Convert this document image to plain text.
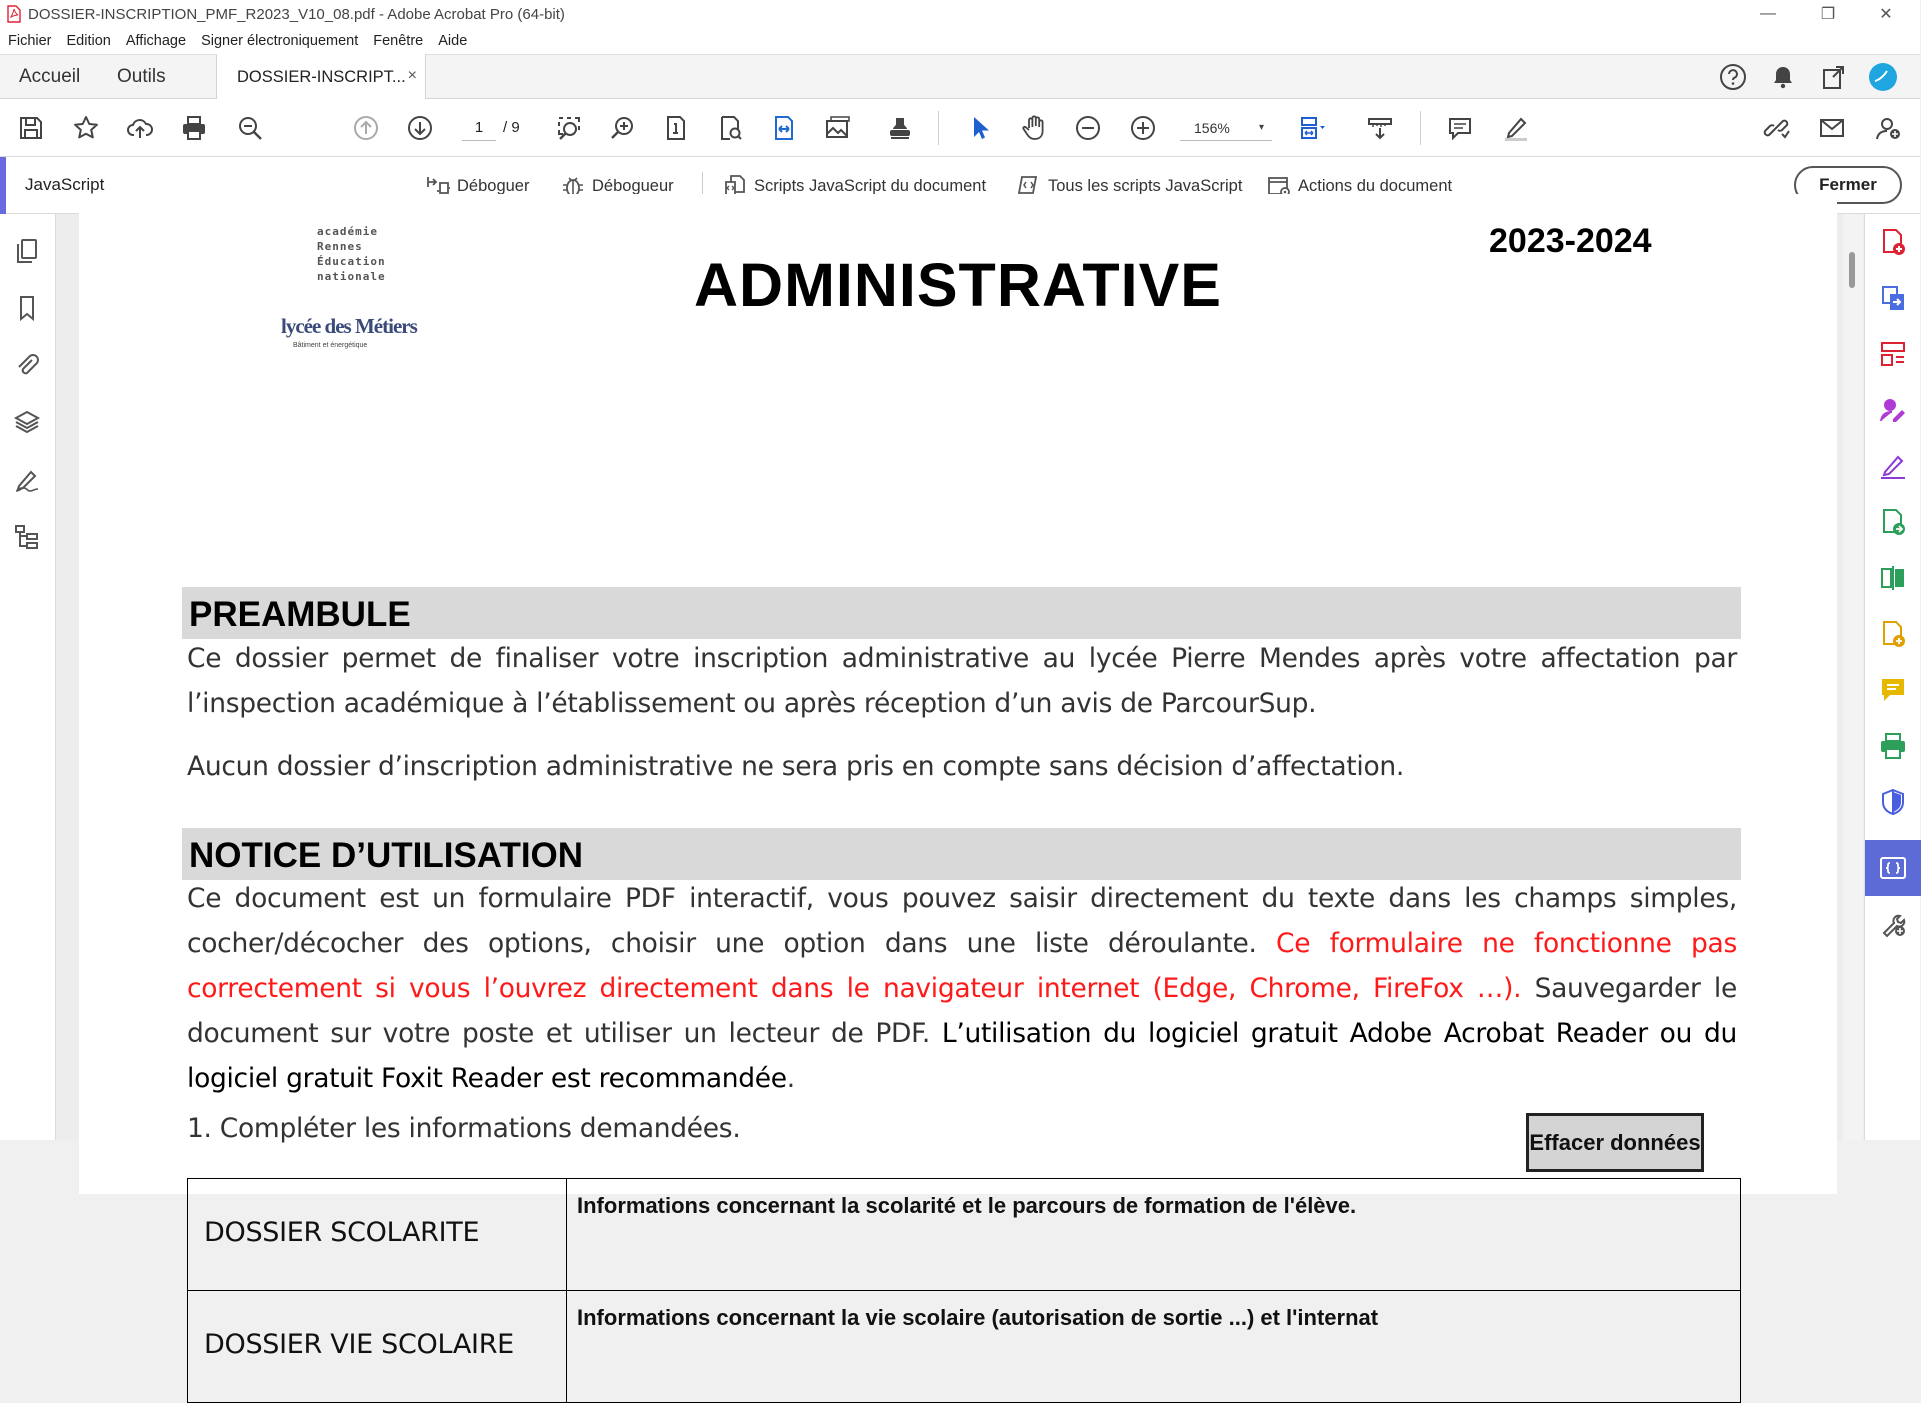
DOSSIER-INSCRIPTION_PMF_R2023_V10_08.pdf - Adobe Acrobat Pro (64-bit)	—	❐	✕
Fichier Edition Affichage Signer électroniquement Fenêtre Aide
Accueil Outils	DOSSIER-INSCRIPT... ×
1	/ 9	156%	▾
JavaScript	Déboguer	Débogueur	Scripts JavaScript du document	Tous les scripts JavaScript	Actions du document	Fermer
académie
Rennes
Éducation
nationale
lycée des Métiers
Bâtiment et énergétique
ADMINISTRATIVE
2023-2024
PREAMBULE

Ce dossier permet de finaliser votre inscription administrative au lycée Pierre Mendes après votre affectation par l’inspection académique à l’établissement ou après réception d’un avis de ParcourSup.

Aucun dossier d’inscription administrative ne sera pris en compte sans décision d’affectation.

NOTICE D’UTILISATION

Ce document est un formulaire PDF interactif, vous pouvez saisir directement du texte dans les champs simples, cocher/décocher des options, choisir une option dans une liste déroulante. Ce formulaire ne fonctionne pas correctement si vous l’ouvrez directement dans le navigateur internet (Edge, Chrome, FireFox …). Sauvegarder le document sur votre poste et utiliser un lecteur de PDF. L’utilisation du logiciel gratuit Adobe Acrobat Reader ou du logiciel gratuit Foxit Reader est recommandée.

1. Compléter les informations demandées.	Effacer données
DOSSIER SCOLARITE	Informations concernant la scolarité et le parcours de formation de l'élève.
DOSSIER VIE SCOLAIRE	Informations concernant la vie scolaire (autorisation de sortie ...) et l'internat
